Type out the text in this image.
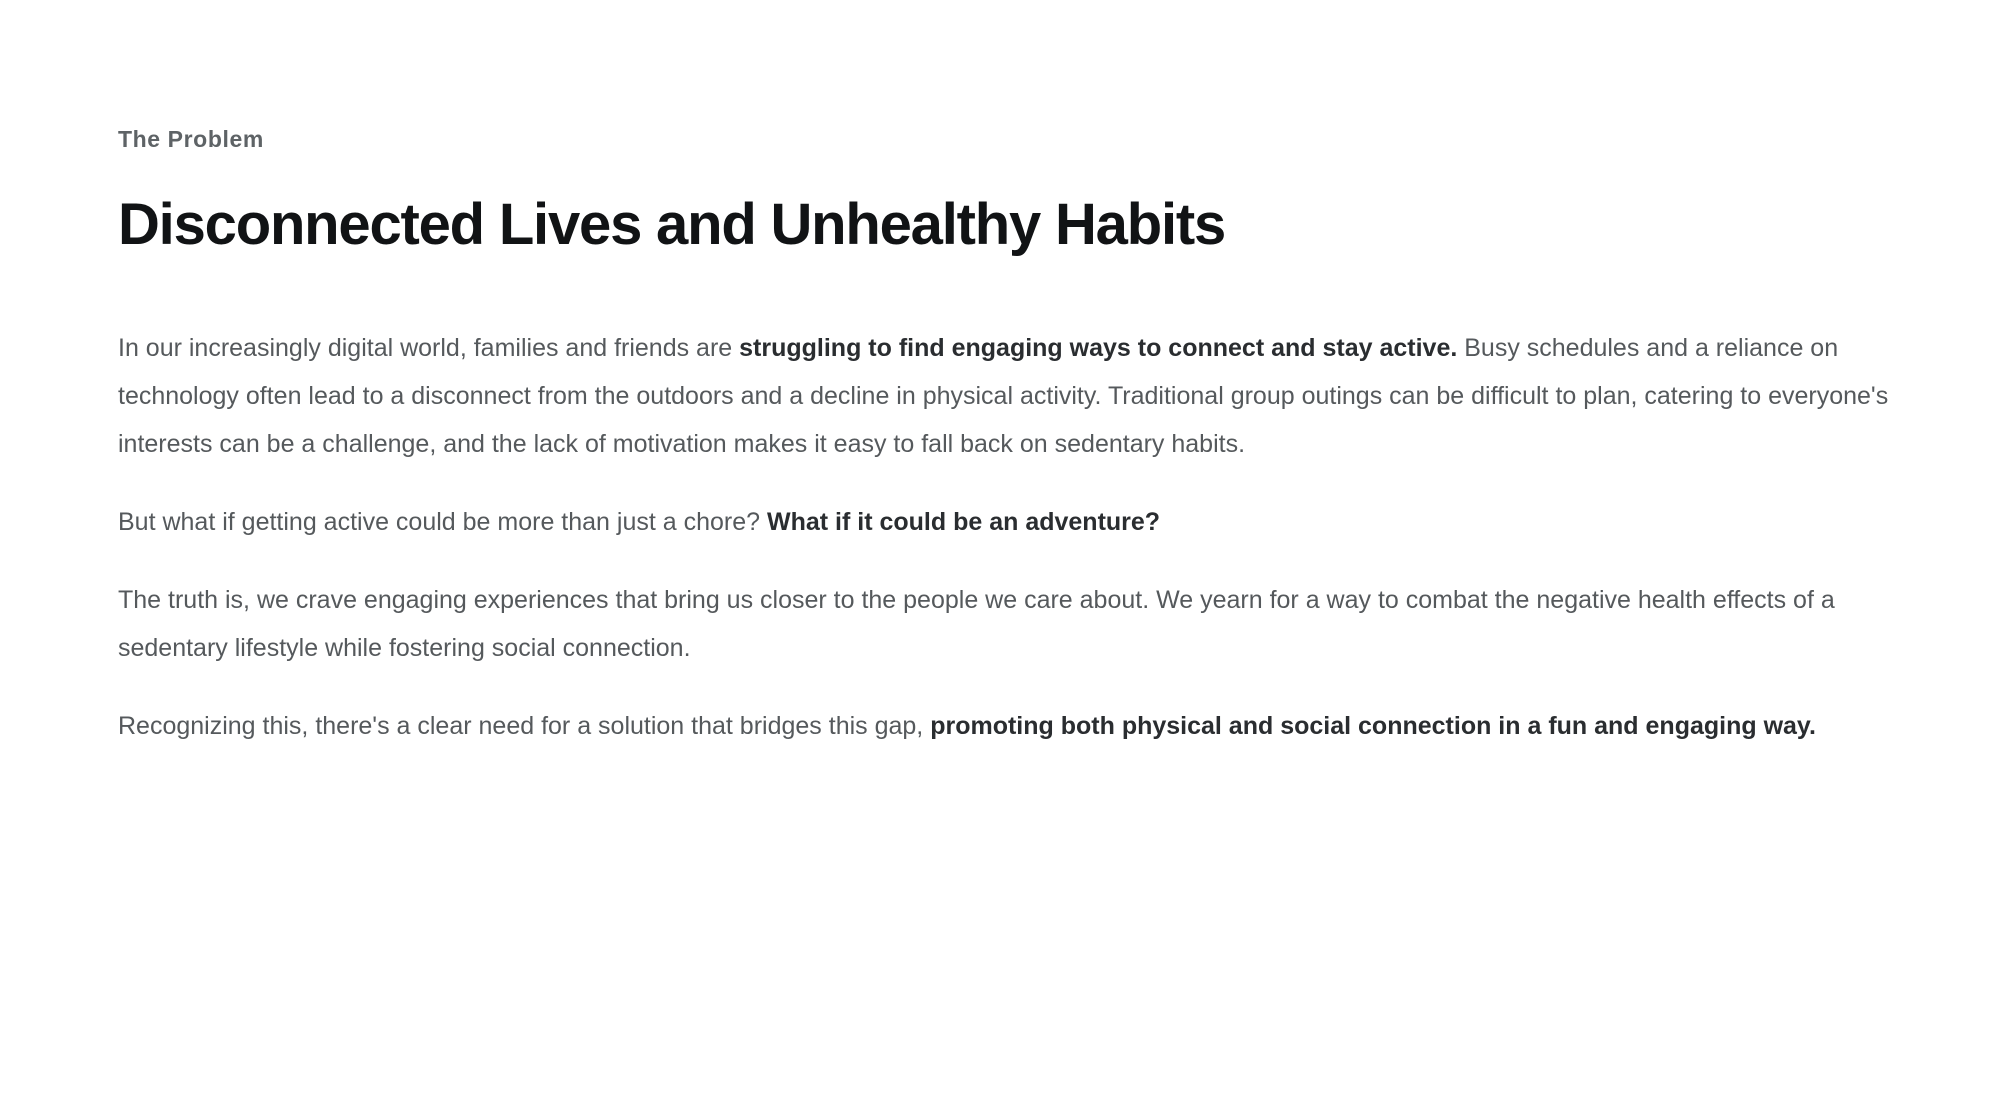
The Problem
Disconnected Lives and Unhealthy Habits

In our increasingly digital world, families and friends are struggling to find engaging ways to connect and stay active. Busy schedules and a reliance on technology often lead to a disconnect from the outdoors and a decline in physical activity. Traditional group outings can be difficult to plan, catering to everyone's interests can be a challenge, and the lack of motivation makes it easy to fall back on sedentary habits.

But what if getting active could be more than just a chore? What if it could be an adventure?

The truth is, we crave engaging experiences that bring us closer to the people we care about. We yearn for a way to combat the negative health effects of a sedentary lifestyle while fostering social connection.

Recognizing this, there's a clear need for a solution that bridges this gap, promoting both physical and social connection in a fun and engaging way.
